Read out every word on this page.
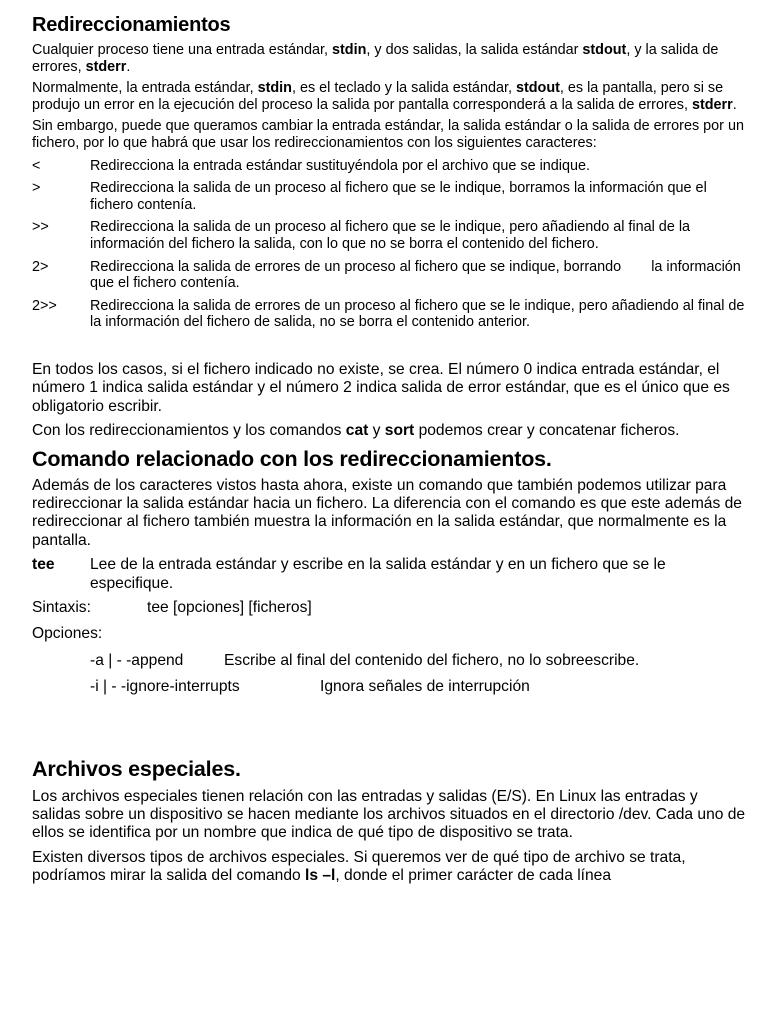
Redireccionamientos

Cualquier proceso tiene una entrada estándar, stdin, y dos salidas, la salida estándar stdout, y la salida de errores, stderr.

Normalmente, la entrada estándar, stdin, es el teclado y la salida estándar, stdout, es la pantalla, pero si se produjo un error en la ejecución del proceso la salida por pantalla corresponderá a la salida de errores, stderr.

Sin embargo, puede que queramos cambiar la entrada estándar, la salida estándar o la salida de errores por un fichero, por lo que habrá que usar los redireccionamientos con los siguientes caracteres:

<	Redirecciona la entrada estándar sustituyéndola por el archivo que se indique.
>	Redirecciona la salida de un proceso al fichero que se le indique, borramos la información que el fichero contenía.
>>	Redirecciona la salida de un proceso al fichero que se le indique, pero añadiendo al final de la información del fichero la salida, con lo que no se borra el contenido del fichero.
2>	Redirecciona la salida de errores de un proceso al fichero que se indique, borrando la información que el fichero contenía.
2>>	Redirecciona la salida de errores de un proceso al fichero que se le indique, pero añadiendo al final de la información del fichero de salida, no se borra el contenido anterior.

En todos los casos, si el fichero indicado no existe, se crea. El número 0 indica entrada estándar, el número 1 indica salida estándar y el número 2 indica salida de error estándar, que es el único que es obligatorio escribir.

Con los redireccionamientos y los comandos cat y sort podemos crear y concatenar ficheros.

Comando relacionado con los redireccionamientos.

Además de los caracteres vistos hasta ahora, existe un comando que también podemos utilizar para redireccionar la salida estándar hacia un fichero. La diferencia con el comando es que este además de redireccionar al fichero también muestra la información en la salida estándar, que normalmente es la pantalla.

tee	Lee de la entrada estándar y escribe en la salida estándar y en un fichero que se le especifique.
Sintaxis:	tee [opciones] [ficheros]

Opciones:

-a | - -append	Escribe al final del contenido del fichero, no lo sobreescribe.
-i | - -ignore-interrupts	Ignora señales de interrupción
Archivos especiales.

Los archivos especiales tienen relación con las entradas y salidas (E/S). En Linux las entradas y salidas sobre un dispositivo se hacen mediante los archivos situados en el directorio /dev. Cada uno de ellos se identifica por un nombre que indica de qué tipo de dispositivo se trata.

Existen diversos tipos de archivos especiales. Si queremos ver de qué tipo de archivo se trata, podríamos mirar la salida del comando ls –l, donde el primer carácter de cada línea
